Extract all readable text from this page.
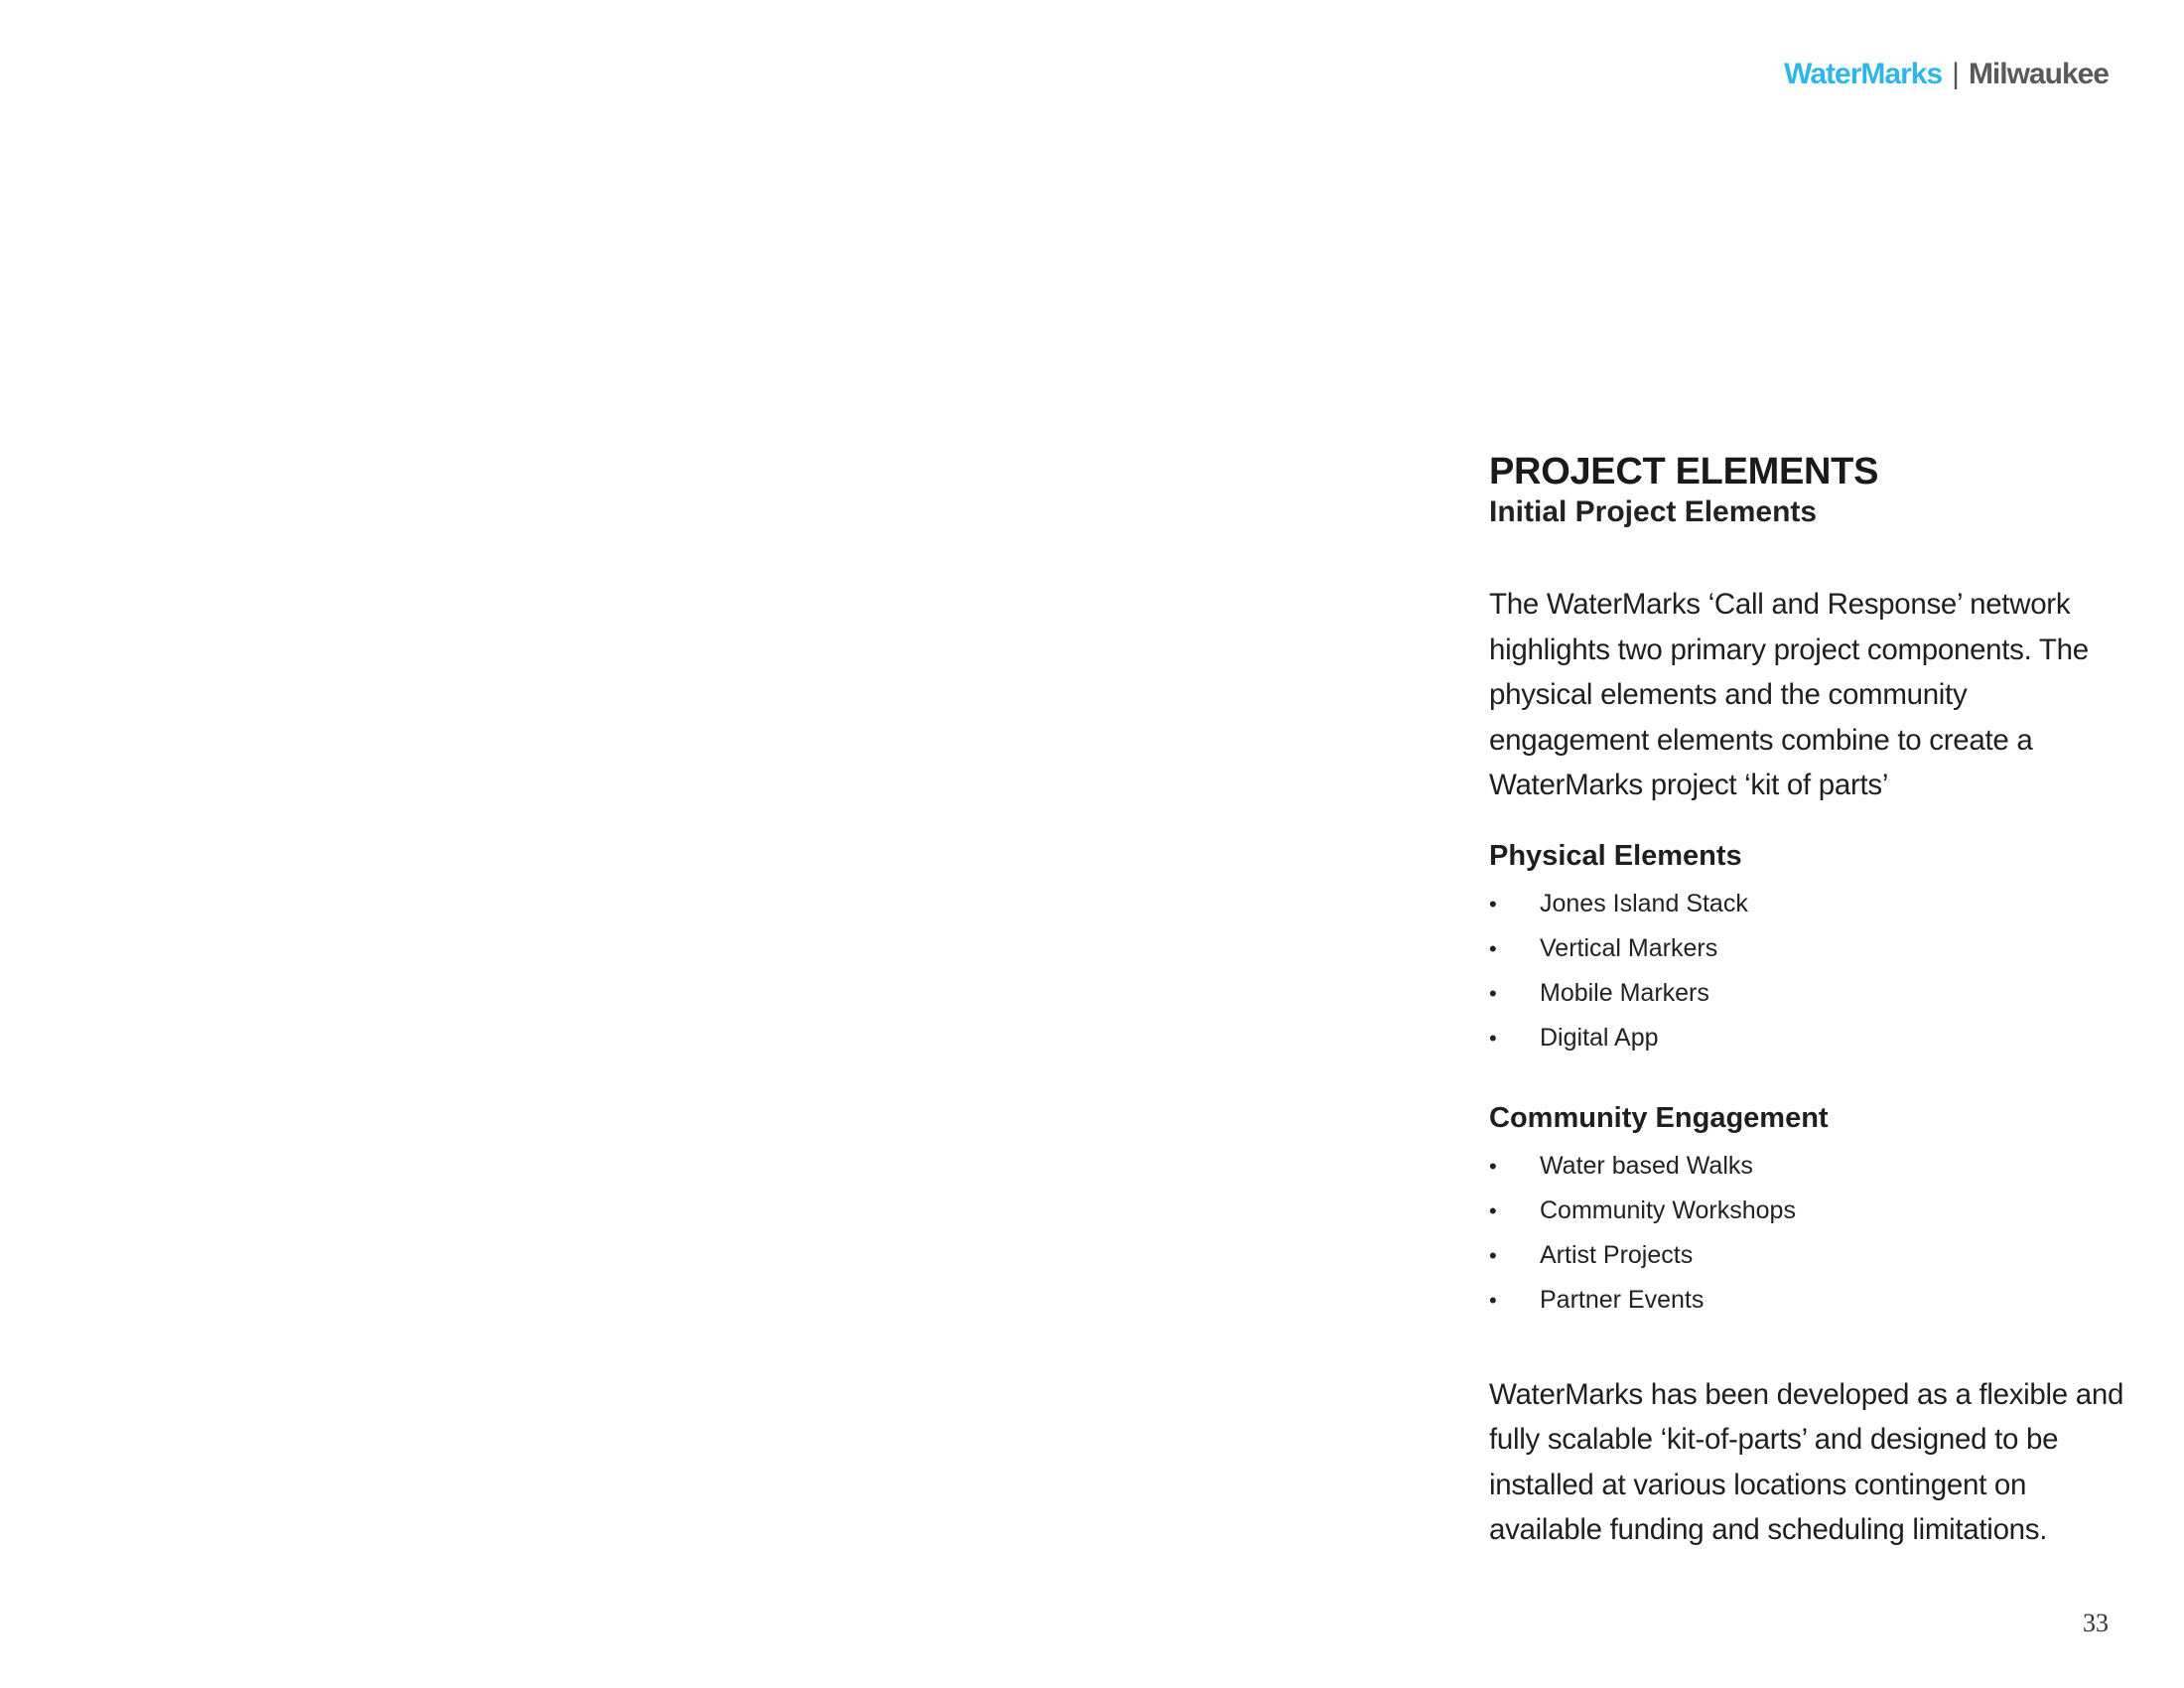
WaterMarks | Milwaukee
PROJECT ELEMENTS
Initial Project Elements

The WaterMarks ‘Call and Response’ network highlights two primary project components. The physical elements and the community engagement elements combine to create a WaterMarks project ‘kit of parts’

Physical Elements
• Jones Island Stack
• Vertical Markers
• Mobile Markers
• Digital App
Community Engagement
• Water based Walks
• Community Workshops
• Artist Projects
• Partner Events

WaterMarks has been developed as a flexible and fully scalable ‘kit-of-parts’ and designed to be installed at various locations contingent on available funding and scheduling limitations.

33
